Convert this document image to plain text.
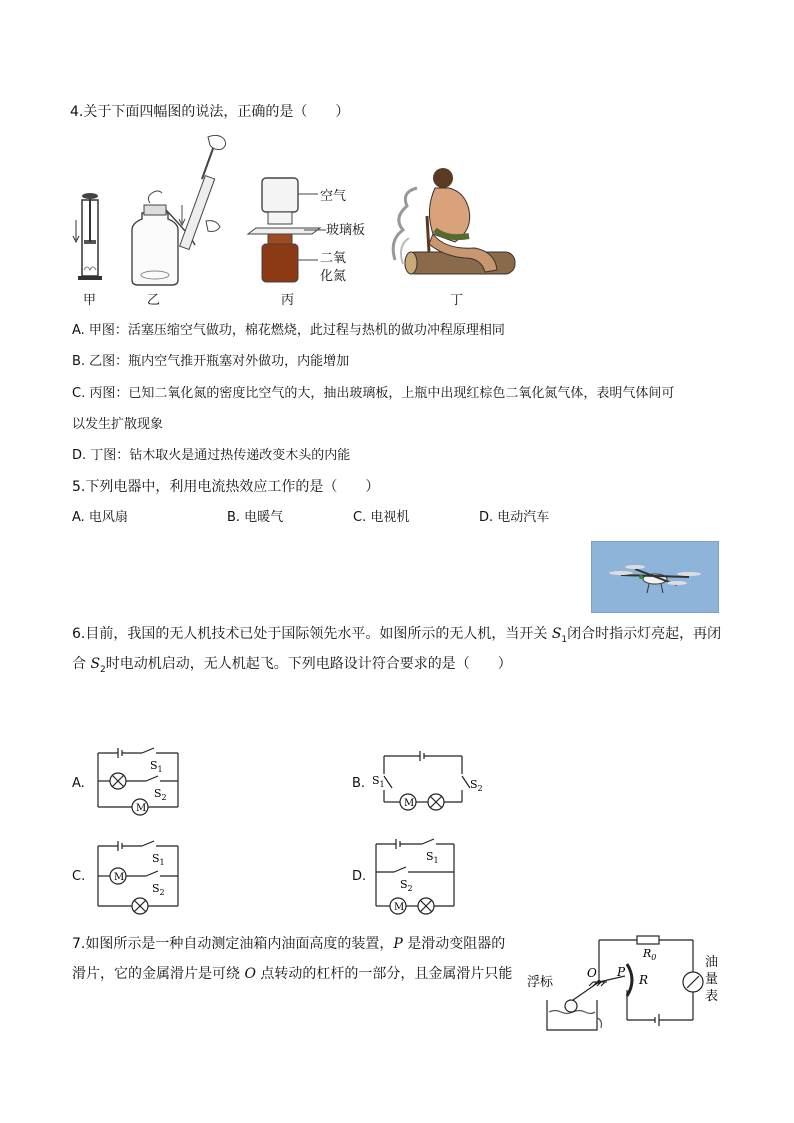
4.关于下面四幅图的说法，正确的是（　　）
甲	乙
空气
玻璃板
二氧
化氮
丙	丁
A. 甲图：活塞压缩空气做功，棉花燃烧，此过程与热机的做功冲程原理相同
B. 乙图：瓶内空气推开瓶塞对外做功，内能增加
C. 丙图：已知二氧化氮的密度比空气的大，抽出玻璃板，上瓶中出现红棕色二氧化氮气体，表明气体间可
以发生扩散现象
D. 丁图：钻木取火是通过热传递改变木头的内能
5.下列电器中，利用电流热效应工作的是（　　）
A. 电风扇	B. 电暖气	C. 电视机	D. 电动汽车
6.目前，我国的无人机技术已处于国际领先水平。如图所示的无人机，当开关 $S_1$闭合时指示灯亮起，再闭
合 $S_2$时电动机启动，无人机起飞。下列电路设计符合要求的是（　　）
A.
$S_1$
$S_2$
M
B. $S_1$	$S_2$
M
C.
$S_1$
$S_2$
M	D.
$S_1$
$S_2$
M
7.如图所示是一种自动测定油箱内油面高度的装置，P 是滑动变阻器的
滑片，它的金属滑片是可绕 O 点转动的杠杆的一部分，且金属滑片只能
浮标
O P
R
$R_0$	油
量
表
